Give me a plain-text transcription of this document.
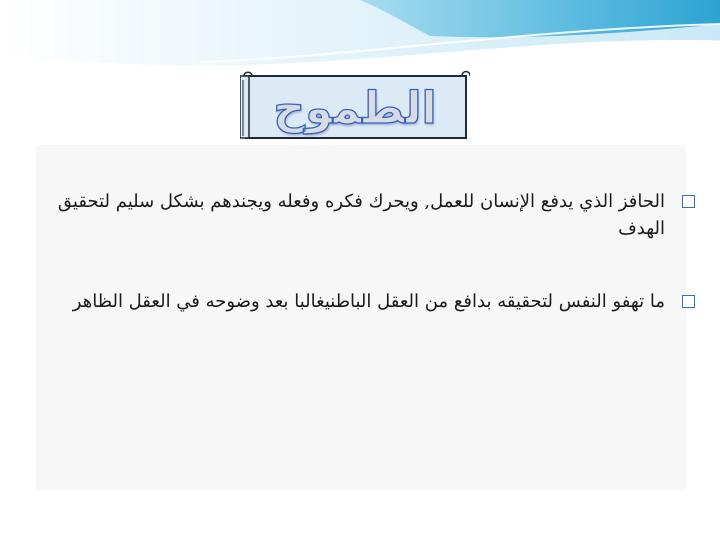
الطموح
الحافز الذي يدفع الإنسان للعمل, ويحرك فكره وفعله ويجندهم بشكل سليم لتحقيق الهدف
ما تهفو النفس لتحقيقه بدافع من العقل الباطنيغالبا بعد وضوحه في العقل الظاهر
